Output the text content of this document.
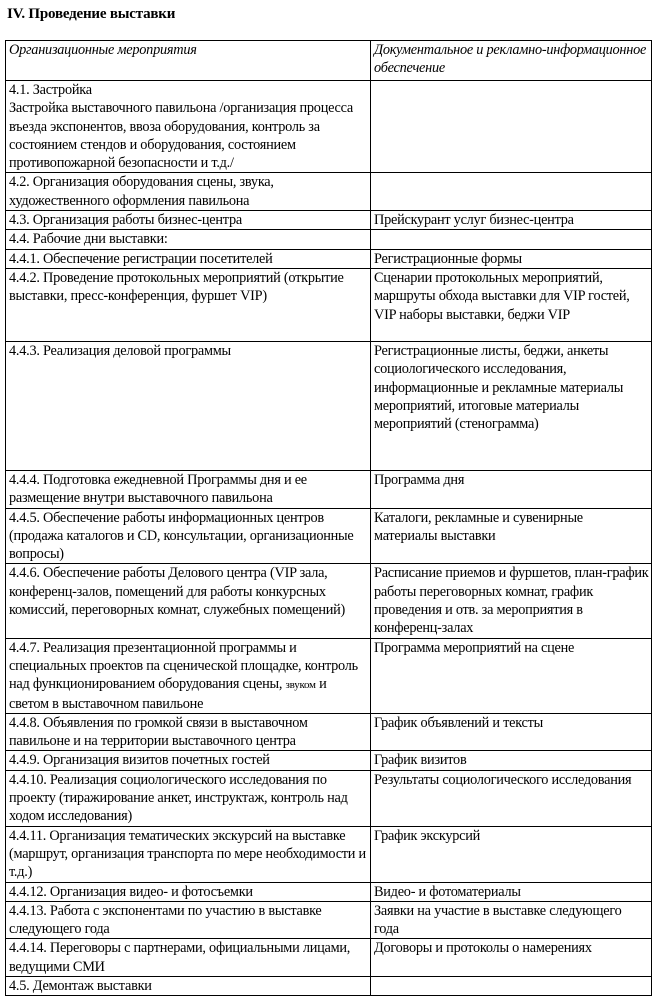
IV. Проведение выставки
Организационные мероприятия	Документальное и рекламно-информационное обеспечение

4.1. Застройка
Застройка выставочного павильона /организация процесса въезда экспонентов, ввоза оборудования, контроль за состоянием стендов и оборудования, состоянием противопожарной безопасности и т.д./	

4.2. Организация оборудования сцены, звука, художественного оформления павильона	
4.3. Организация работы бизнес-центра	Прейскурант услуг бизнес-центра
4.4. Рабочие дни выставки:	
4.4.1. Обеспечение регистрации посетителей	Регистрационные формы
4.4.2. Проведение протокольных мероприятий (открытие выставки, пресс-конференция, фуршет VIP)	Сценарии протокольных мероприятий, маршруты обхода выставки для VIP гостей, VIP наборы выставки, беджи VIP
4.4.3. Реализация деловой программы	Регистрационные листы, беджи, анкеты социологического исследования, информационные и рекламные материалы мероприятий, итоговые материалы мероприятий (стенограмма)
4.4.4. Подготовка ежедневной Программы дня и ее размещение внутри выставочного павильона	Программа дня
4.4.5. Обеспечение работы информационных центров (продажа каталогов и CD, консультации, организационные вопросы)	Каталоги, рекламные и сувенирные материалы выставки
4.4.6. Обеспечение работы Делового центра (VIP зала, конференц-залов, помещений для работы конкурсных комиссий, переговорных комнат, служебных помещений)	Расписание приемов и фуршетов, план-график работы переговорных комнат, график проведения и отв. за мероприятия в конференц-залах
4.4.7. Реализация презентационной программы и специальных проектов па сценической площадке, контроль над функционированием оборудования сцены, звуком и светом в выставочном павильоне	Программа мероприятий на сцене
4.4.8. Объявления по громкой связи в выставочном павильоне и на территории выставочного центра	График объявлений и тексты
4.4.9. Организация визитов почетных гостей	График визитов
4.4.10. Реализация социологического исследования по проекту (тиражирование анкет, инструктаж, контроль над ходом исследования)	Результаты социологического исследования
4.4.11. Организация тематических экскурсий на выставке (маршрут, организация транспорта по мере необходимости и т.д.)	График экскурсий
4.4.12. Организация видео- и фотосъемки	Видео- и фотоматериалы
4.4.13. Работа с экспонентами по участию в выставке следующего года	Заявки на участие в выставке следующего года
4.4.14. Переговоры с партнерами, официальными лицами, ведущими СМИ	Договоры и протоколы о намерениях
4.5. Демонтаж выставки	
